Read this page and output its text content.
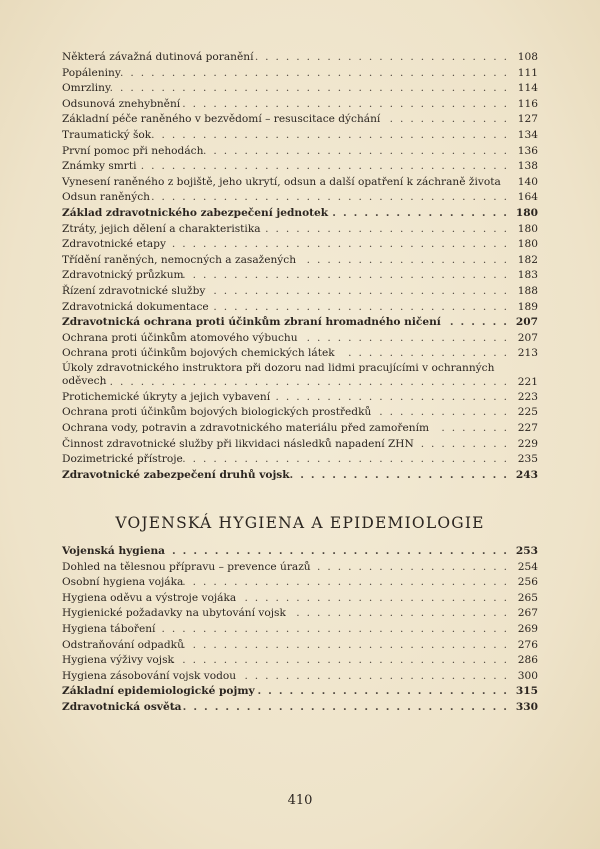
Některá závažná dutinová poranění ......................... 108
Popáleniny ...................................... 111
Omrzliny
....................................... 114
Odsunová znehybnění ................................ 116
Základní péče raněného v bezvědomí – resuscitace dýchání ............ 127
Traumatický šok ................................... 134
První pomoc při nehodách .............................. 136
Známky smrti .................................... 138
Vynesení raněného z bojiště, jeho ukrytí, odsun a další opatření k záchraně života	140
Odsun raněných ................................... 164
Základ zdravotnického zabezpečení jednotek ................. 180
Ztráty, jejich dělení a charakteristika ........................ 180
Zdravotnické etapy ................................. 180
Třídění raněných, nemocných a zasažených .................... 182
Zdravotnický průzkum
................................ 183
Řízení zdravotnické služby ............................. 188
Zdravotnická dokumentace ............................. 189
Zdravotnická ochrana proti účinkům zbraní hromadného ničení ...... 207
Ochrana proti účinkům atomového výbuchu .................... 207
Ochrana proti účinkům bojových chemických látek ................ 213
Úkoly zdravotnického instruktora při dozoru nad lidmi pracujícími v ochranných oděvech
........................................ 221
Protichemické úkryty a jejich vybavení ....................... 223
Ochrana proti účinkům bojových biologických prostředků ............. 225
Ochrana vody, potravin a zdravotnického materiálu před zamořením ....... 227
Činnost zdravotnické služby při likvidaci následků napadení ZHN ......... 229
Dozimetrické přístroje ................................ 235
Zdravotnické zabezpečení druhů vojsk ..................... 243
VOJENSKÁ HYGIENA A EPIDEMIOLOGIE
Vojenská hygiena
................................. 253
Dohled na tělesnou přípravu – prevence úrazů ................... 254
Osobní hygiena vojáka
................................ 256
Hygiena oděvu a výstroje vojáka .......................... 265
Hygienické požadavky na ubytování vojsk ..................... 267
Hygiena táboření .................................. 269
Odstraňování odpadků
................................ 276
Hygiena výživy vojsk
................................. 286
Hygiena zásobování vojsk vodou .......................... 300
Základní epidemiologické pojmy ........................ 315
Zdravotnická osvěta
................................ 330
410
